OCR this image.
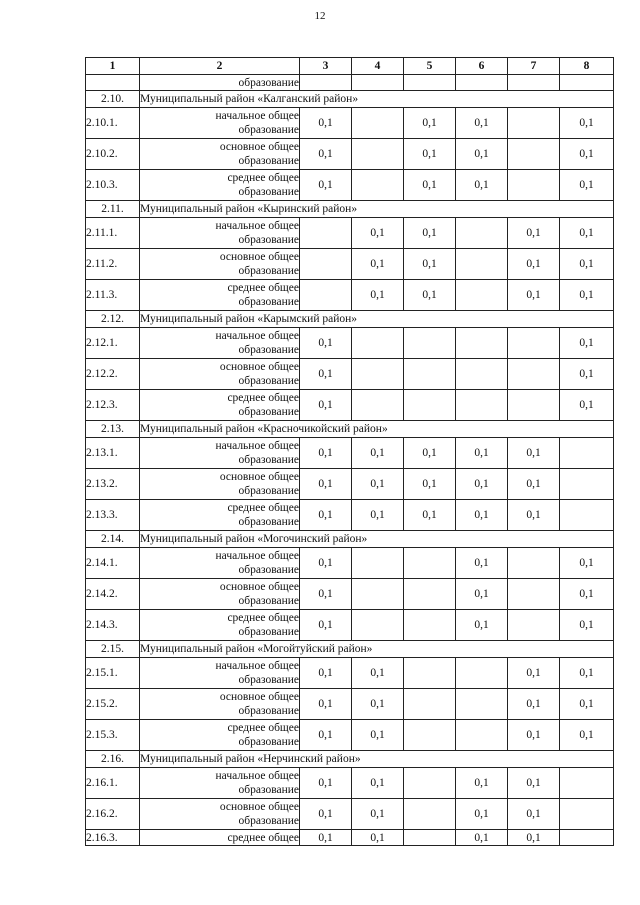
12
1	2	3	4	5	6	7	8
	образование						
2.10.	Муниципальный район «Калганский район»						
2.10.1.	начальное общее
образование	0,1		0,1	0,1		0,1
2.10.2.	основное общее
образование	0,1		0,1	0,1		0,1
2.10.3.	среднее общее
образование	0,1		0,1	0,1		0,1
2.11.	Муниципальный район «Кыринский район»						
2.11.1.	начальное общее
образование		0,1	0,1		0,1	0,1
2.11.2.	основное общее
образование		0,1	0,1		0,1	0,1
2.11.3.	среднее общее
образование		0,1	0,1		0,1	0,1
2.12.	Муниципальный район «Карымский район»						
2.12.1.	начальное общее
образование	0,1					0,1
2.12.2.	основное общее
образование	0,1					0,1
2.12.3.	среднее общее
образование	0,1					0,1
2.13.	Муниципальный район «Красночикойский район»						
2.13.1.	начальное общее
образование	0,1	0,1	0,1	0,1	0,1	
2.13.2.	основное общее
образование	0,1	0,1	0,1	0,1	0,1	
2.13.3.	среднее общее
образование	0,1	0,1	0,1	0,1	0,1	
2.14.	Муниципальный район «Могочинский район»						
2.14.1.	начальное общее
образование	0,1			0,1		0,1
2.14.2.	основное общее
образование	0,1			0,1		0,1
2.14.3.	среднее общее
образование	0,1			0,1		0,1
2.15.	Муниципальный район «Могойтуйский район»						
2.15.1.	начальное общее
образование	0,1	0,1			0,1	0,1
2.15.2.	основное общее
образование	0,1	0,1			0,1	0,1
2.15.3.	среднее общее
образование	0,1	0,1			0,1	0,1
2.16.	Муниципальный район «Нерчинский район»						
2.16.1.	начальное общее
образование	0,1	0,1		0,1	0,1	
2.16.2.	основное общее
образование	0,1	0,1		0,1	0,1	
2.16.3.	среднее общее	0,1	0,1		0,1	0,1	
